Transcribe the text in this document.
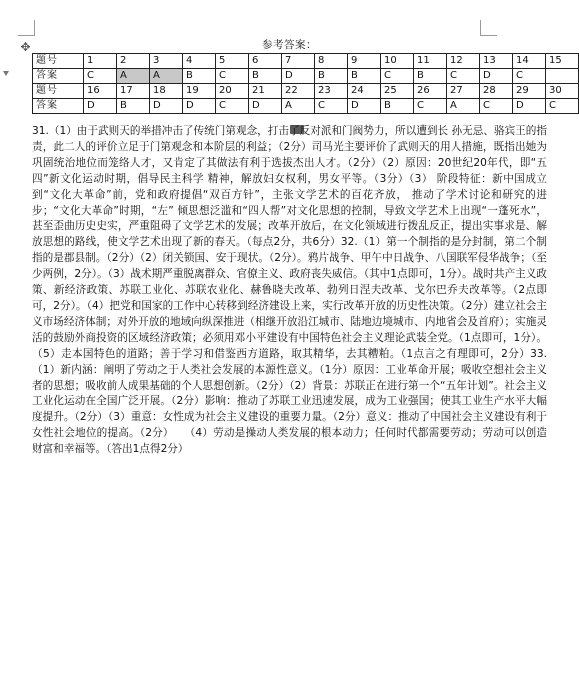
✥	参考答案：
题号	1	2	3	4	5	6	7	8	9	10	11	12	13	14	15
答案	C	A	A	B	C	B	D	B	B	C	B	C	D	C	
题号	16	17	18	19	20	21	22	23	24	25	26	27	28	29	30
答案	D	B	D	D	C	D	A	C	D	B	C	A	C	D	C
31.（1）由于武则天的举措冲击了传统门第观念，打击了反对派和门阀势力，所以遭到长 孙无忌、骆宾王的指责，此二人的评价立足于门第观念和本阶层的利益；（2分）司马光主要评价了武则天的用人措施，既指出她为巩固统治地位而笼络人才，又肯定了其做法有利于选拔杰出人才。（2分）（2）原因：20世纪20年代，即“五四”新文化运动时期，倡导民主科学 精神，解放妇女权利，男女平等。（3分）（3） 阶段特征：新中国成立到“文化大革命”前，党和政府提倡“双百方针”，主张文学艺术的百花齐放， 推动了学术讨论和研究的进步；“文化大革命”时期，“左” 倾思想泛滥和“四人帮”对文化思想的控制，导致文学艺术上出现“一蓬死水”， 甚至歪曲历史史实，严重阻碍了文学艺术的发展；改革开放后，在文化领域进行拨乱反正，提出实事求是、解放思想的路线，使文学艺术出现了新的春天。（每点2分，共6分）32.（1）第一个制指的是分封制，第二个制指的是郡县制。（2分）（2）闭关锁国、安于现状。（2分）。鸦片战争、甲午中日战争、八国联军侵华战争；（至少两例，2分）。（3）战术期严重脱离群众、官僚主义、政府丧失威信。（其中1点即可，1分）。战时共产主义政策、新经济政策、苏联工业化、苏联农业化、赫鲁晓夫改革、勃列日涅夫改革、戈尔巴乔夫改革等。（2点即可，2分）。（4）把党和国家的工作中心转移到经济建设上来，实行改革开放的历史性决策。（2分）建立社会主义市场经济体制；对外开放的地域向纵深推进（相继开放沿江城市、陆地边境城市、内地省会及首府）；实施灵活的鼓励外商投资的区域经济政策；必须用邓小平建设有中国特色社会主义理论武装全党。（1点即可，1分）。（5）走本国特色的道路；善于学习和借鉴西方道路，取其精华，去其糟粕。（1点言之有理即可，2分）33.（1）新内涵：阐明了劳动之于人类社会发展的本源性意义。（1分）原因：工业革命开展；吸收空想社会主义者的思想；吸收前人成果基础的个人思想创新。（2分）（2）背景：苏联正在进行第一个“五年计划”。社会主义工业化运动在全国广泛开展。（2分）影响：推动了苏联工业迅速发展，成为工业强国；使其工业生产水平大幅度提升。（2分）（3）重意：女性成为社会主义建设的重要力量。（2分）意义：推动了中国社会主义建设有利于女性社会地位的提高。（2分）　　（4）劳动是操动人类发展的根本动力；任何时代都需要劳动；劳动可以创造财富和幸福等。（答出1点得2分）
